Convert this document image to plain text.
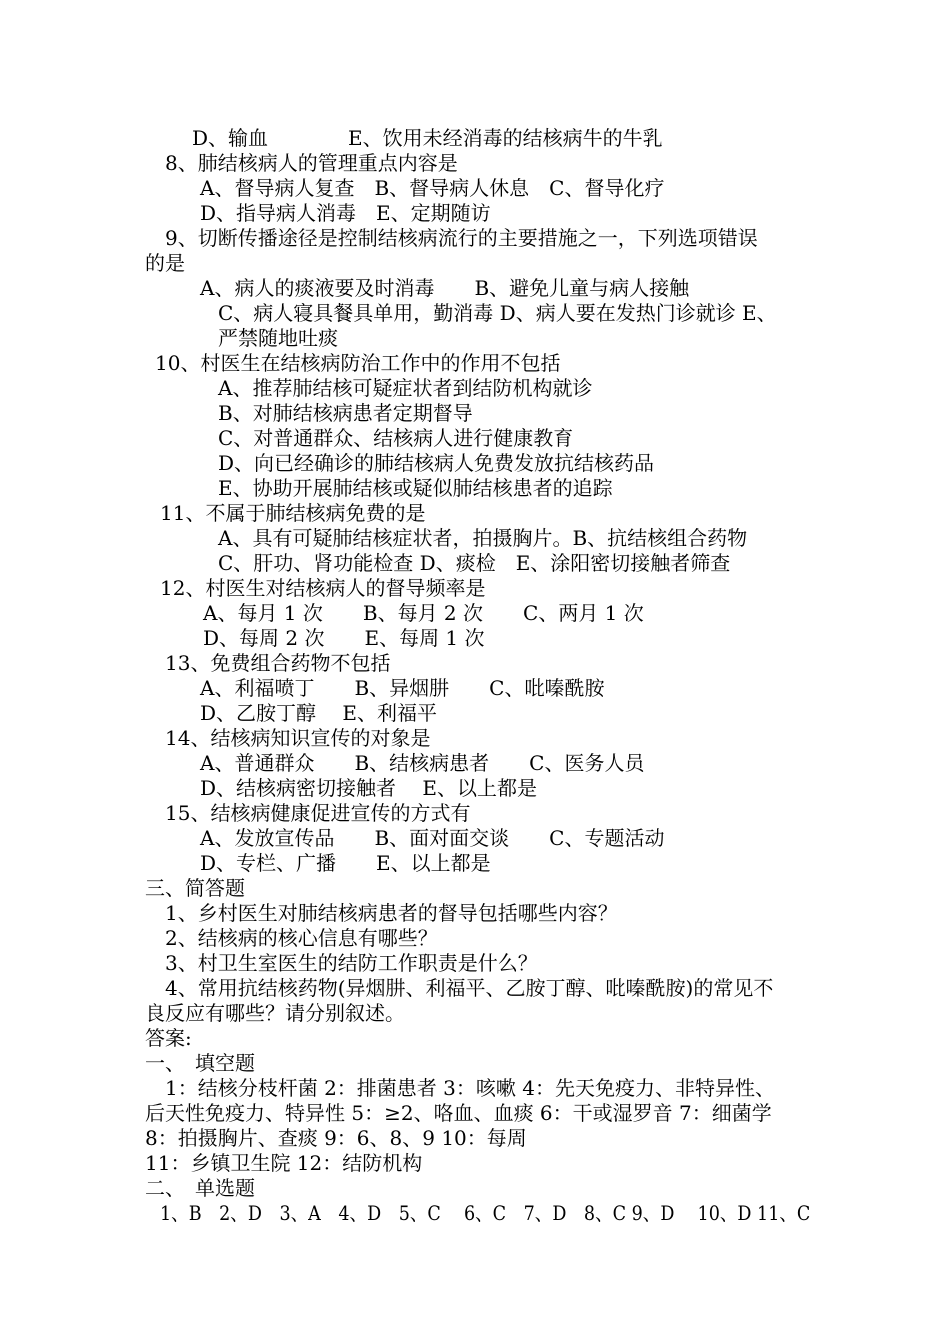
D、输血　　　　E、饮用未经消毒的结核病牛的牛乳
8、肺结核病人的管理重点内容是
A、督导病人复查　B、督导病人休息　C、督导化疗
D、指导病人消毒　E、定期随访
9、切断传播途径是控制结核病流行的主要措施之一，下列选项错误
的是
A、病人的痰液要及时消毒　　B、避免儿童与病人接触
C、病人寝具餐具单用，勤消毒 D、病人要在发热门诊就诊 E、
严禁随地吐痰
10、村医生在结核病防治工作中的作用不包括
A、推荐肺结核可疑症状者到结防机构就诊
B、对肺结核病患者定期督导
C、对普通群众、结核病人进行健康教育
D、向已经确诊的肺结核病人免费发放抗结核药品
E、协助开展肺结核或疑似肺结核患者的追踪
11、不属于肺结核病免费的是
A、具有可疑肺结核症状者，拍摄胸片。B、抗结核组合药物
C、肝功、肾功能检查 D、痰检　E、涂阳密切接触者筛查
12、村医生对结核病人的督导频率是
A、每月 1 次　　B、每月 2 次　　C、两月 1 次
D、每周 2 次　　E、每周 1 次
13、免费组合药物不包括
A、利福喷丁　　B、异烟肼　　C、吡嗪酰胺
D、乙胺丁醇　 E、利福平
14、结核病知识宣传的对象是
A、普通群众　　B、结核病患者　　C、医务人员
D、结核病密切接触者　 E、以上都是
15、结核病健康促进宣传的方式有
A、发放宣传品　　B、面对面交谈　　C、专题活动
D、专栏、广播　　E、以上都是
三、简答题
1、乡村医生对肺结核病患者的督导包括哪些内容？
2、结核病的核心信息有哪些？
3、村卫生室医生的结防工作职责是什么？
4、常用抗结核药物(异烟肼、利福平、乙胺丁醇、吡嗪酰胺)的常见不
良反应有哪些？请分别叙述。
答案:
一、　填空题
1：结核分枝杆菌 2：排菌患者 3：咳嗽 4：先天免疫力、非特异性、
后天性免疫力、特异性 5：≥2、咯血、血痰 6：干或湿罗音 7：细菌学
8：拍摄胸片、查痰 9：6、8、9 10：每周
11：乡镇卫生院 12：结防机构
二、　单选题
1、B　2、D　3、A　4、D　5、C　 6、C　7、D　8、C 9、D　 10、D 11、C
